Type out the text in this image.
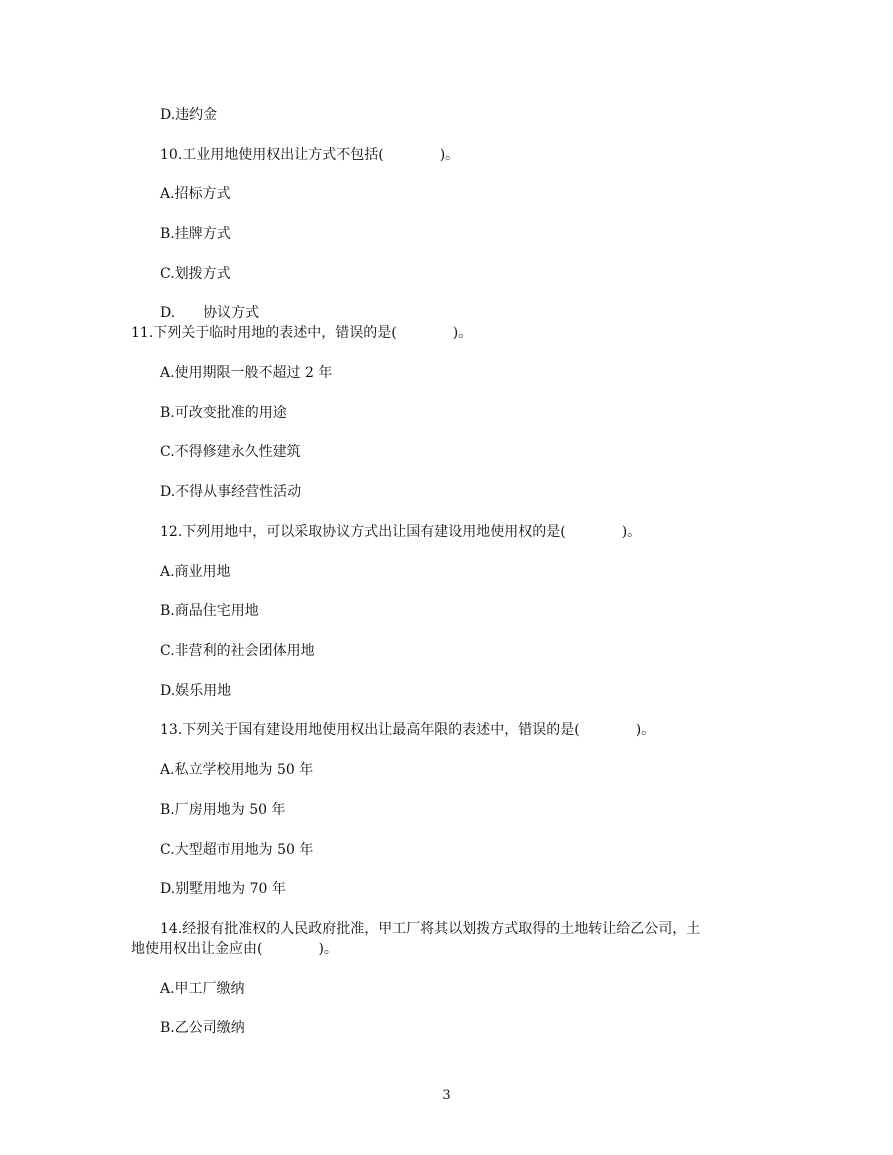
D.违约金
10.工业用地使用权出让方式不包括(　　　　)。
A.招标方式
B.挂牌方式
C.划拨方式
D.　　协议方式
11.下列关于临时用地的表述中，错误的是(　　　　)。
A.使用期限一般不超过 2 年
B.可改变批准的用途
C.不得修建永久性建筑
D.不得从事经营性活动
12.下列用地中，可以采取协议方式出让国有建设用地使用权的是(　　　　)。
A.商业用地
B.商品住宅用地
C.非营利的社会团体用地
D.娱乐用地
13.下列关于国有建设用地使用权出让最高年限的表述中，错误的是(　　　　)。
A.私立学校用地为 50 年
B.厂房用地为 50 年
C.大型超市用地为 50 年
D.别墅用地为 70 年
14.经报有批准权的人民政府批准，甲工厂将其以划拨方式取得的土地转让给乙公司，土
地使用权出让金应由(　　　　)。
A.甲工厂缴纳
B.乙公司缴纳
3
